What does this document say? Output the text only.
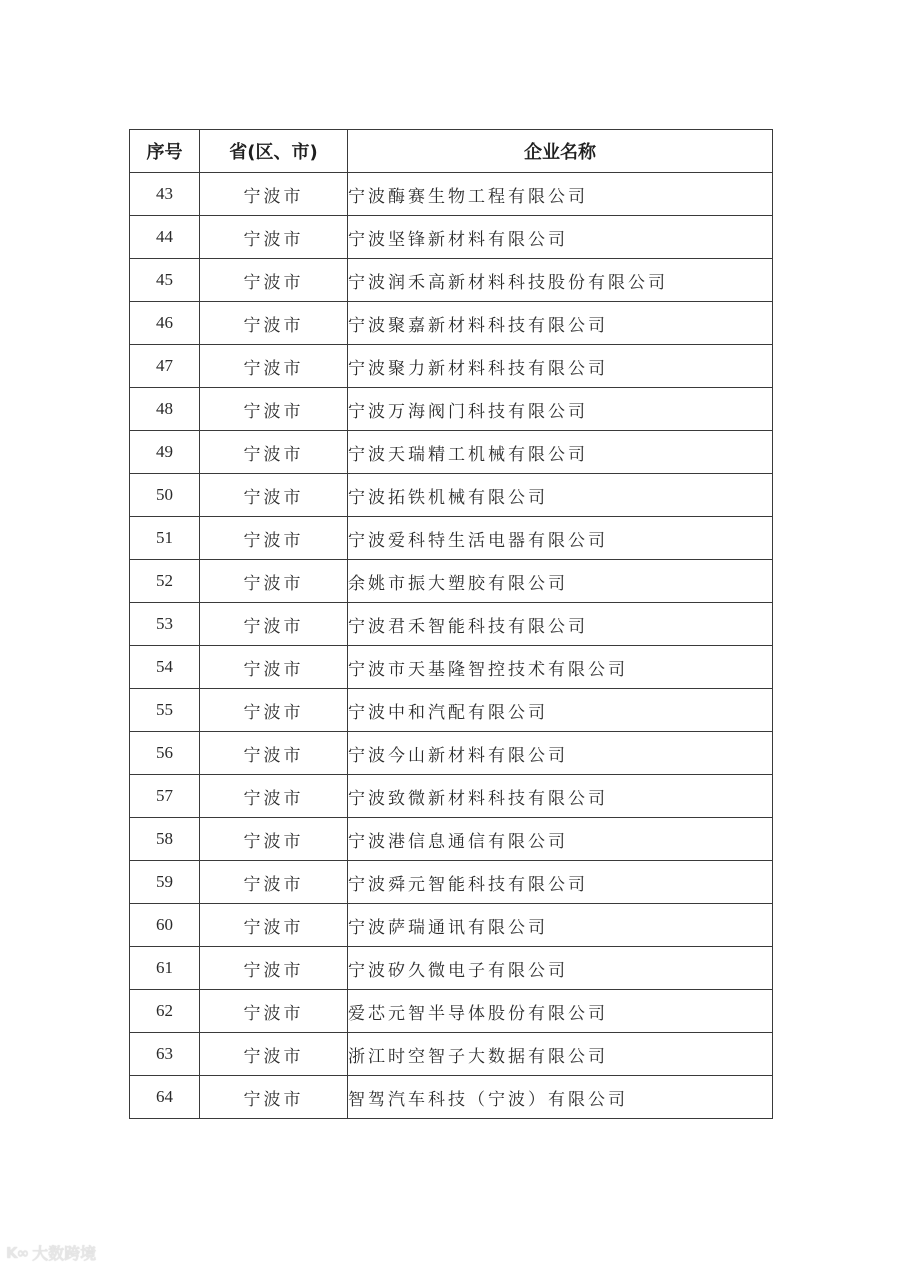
序号	省(区、市)	企业名称
43	宁波市	宁波酶赛生物工程有限公司
44	宁波市	宁波坚锋新材料有限公司
45	宁波市	宁波润禾高新材料科技股份有限公司
46	宁波市	宁波聚嘉新材料科技有限公司
47	宁波市	宁波聚力新材料科技有限公司
48	宁波市	宁波万海阀门科技有限公司
49	宁波市	宁波天瑞精工机械有限公司
50	宁波市	宁波拓铁机械有限公司
51	宁波市	宁波爱科特生活电器有限公司
52	宁波市	余姚市振大塑胶有限公司
53	宁波市	宁波君禾智能科技有限公司
54	宁波市	宁波市天基隆智控技术有限公司
55	宁波市	宁波中和汽配有限公司
56	宁波市	宁波今山新材料有限公司
57	宁波市	宁波致微新材料科技有限公司
58	宁波市	宁波港信息通信有限公司
59	宁波市	宁波舜元智能科技有限公司
60	宁波市	宁波萨瑞通讯有限公司
61	宁波市	宁波矽久微电子有限公司
62	宁波市	爱芯元智半导体股份有限公司
63	宁波市	浙江时空智子大数据有限公司
64	宁波市	智驾汽车科技（宁波）有限公司
K∞ 大数跨境
